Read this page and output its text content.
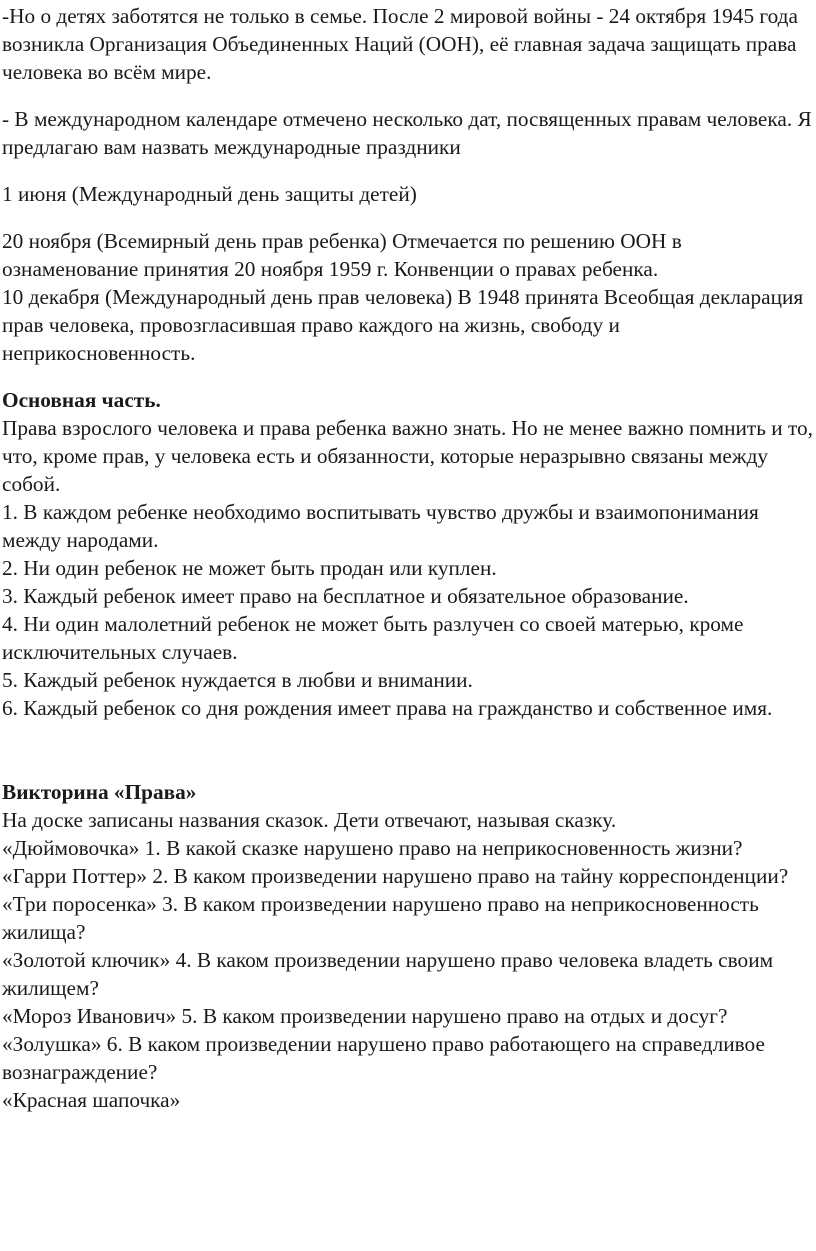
-Но о детях заботятся не только в семье. После 2 мировой войны - 24 октября 1945 года возникла Организация Объединенных Наций (ООН), её главная задача защищать права человека во всём мире.

- В международном календаре отмечено несколько дат, посвященных правам человека. Я предлагаю вам назвать международные праздники

1 июня (Международный день защиты детей)

20 ноября (Всемирный день прав ребенка) Отмечается по решению ООН в ознаменование принятия 20 ноября 1959 г. Конвенции о правах ребенка.

10 декабря (Международный день прав человека) В 1948 принята Всеобщая декларация прав человека, провозгласившая право каждого на жизнь, свободу и неприкосновенность.

Основная часть.

Права взрослого человека и права ребенка важно знать. Но не менее важно помнить и то, что, кроме прав, у человека есть и обязанности, которые неразрывно связаны между собой.

1. В каждом ребенке необходимо воспитывать чувство дружбы и взаимопонимания между народами.

2. Ни один ребенок не может быть продан или куплен.

3. Каждый ребенок имеет право на бесплатное и обязательное образование.

4. Ни один малолетний ребенок не может быть разлучен со своей матерью, кроме исключительных случаев.

5. Каждый ребенок нуждается в любви и внимании.

6. Каждый ребенок со дня рождения имеет права на гражданство и собственное имя.

Викторина «Права»

На доске записаны названия сказок. Дети отвечают, называя сказку.

«Дюймовочка» 1. В какой сказке нарушено право на неприкосновенность жизни?

«Гарри Поттер» 2. В каком произведении нарушено право на тайну корреспонденции?

«Три поросенка» 3. В каком произведении нарушено право на неприкосновенность жилища?

«Золотой ключик» 4. В каком произведении нарушено право человека владеть своим жилищем?

«Мороз Иванович» 5. В каком произведении нарушено право на отдых и досуг?

«Золушка» 6. В каком произведении нарушено право работающего на справедливое вознаграждение?

«Красная шапочка»
